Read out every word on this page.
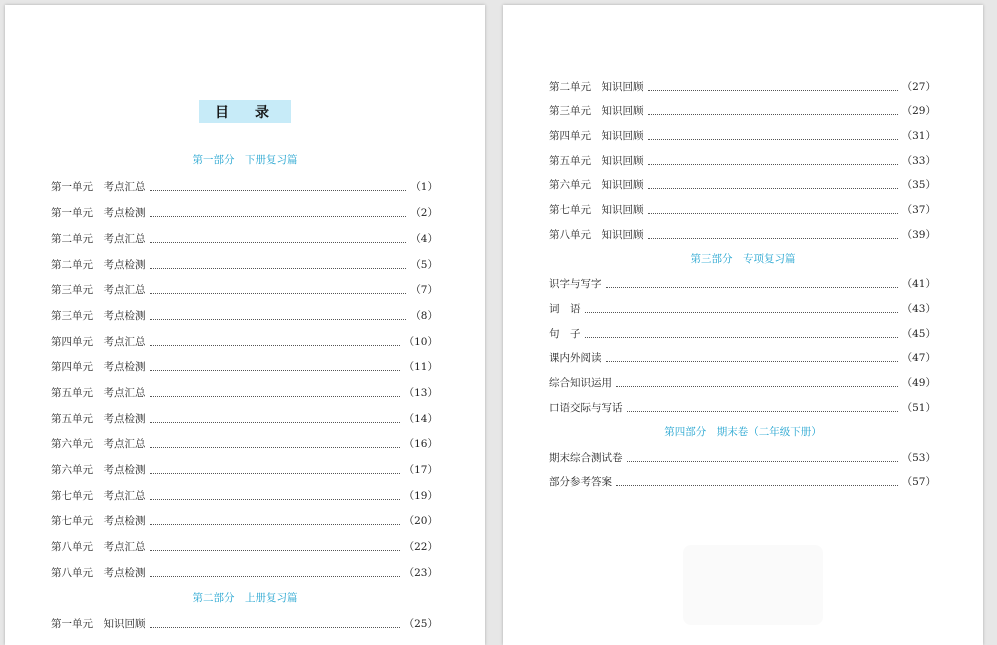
目　录
第一部分　下册复习篇
第一单元　考点汇总	（1）
第一单元　考点检测	（2）
第二单元　考点汇总	（4）
第二单元　考点检测	（5）
第三单元　考点汇总	（7）
第三单元　考点检测	（8）
第四单元　考点汇总	（10）
第四单元　考点检测	（11）
第五单元　考点汇总	（13）
第五单元　考点检测	（14）
第六单元　考点汇总	（16）
第六单元　考点检测	（17）
第七单元　考点汇总	（19）
第七单元　考点检测	（20）
第八单元　考点汇总	（22）
第八单元　考点检测	（23）
第二部分　上册复习篇
第一单元　知识回顾	（25）
第二单元　知识回顾	（27）
第三单元　知识回顾	（29）
第四单元　知识回顾	（31）
第五单元　知识回顾	（33）
第六单元　知识回顾	（35）
第七单元　知识回顾	（37）
第八单元　知识回顾	（39）
第三部分　专项复习篇
识字与写字	（41）
词　语	（43）
句　子	（45）
课内外阅读	（47）
综合知识运用	（49）
口语交际与写话	（51）
第四部分　期末卷（二年级下册）
期末综合测试卷	（53）
部分参考答案	（57）
